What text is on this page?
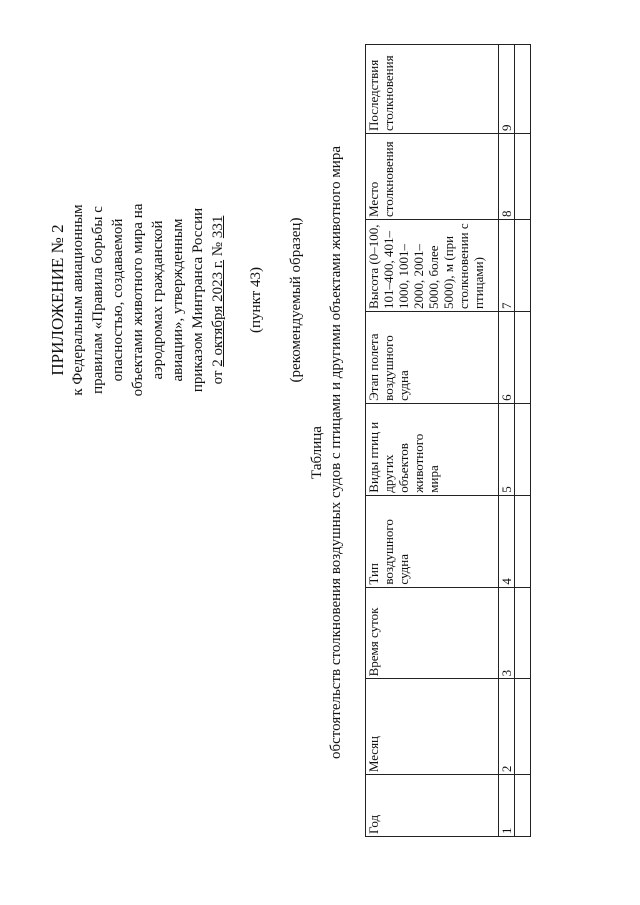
ПРИЛОЖЕНИЕ № 2 к Федеральным авиационным правилам «Правила борьбы с опасностью, создаваемой объектами животного мира на аэродромах гражданской авиации», утвержденным приказом Минтранса России от 2 октября 2023 г. № 331
(пункт 43) (рекомендуемый образец)
Таблица обстоятельств столкновения воздушных судов с птицами и другими объектами животного мира
Год	Месяц	Время суток	Тип воздушного судна	Виды птиц и других объектов животного мира	Этап полета воздушного судна	Высота (0–100, 101–400, 401–1000, 1001–2000, 2001–5000, более 5000), м (при столкновении с птицами)	Место столкновения	Последствия столкновения
1	2	3	4	5	6	7	8	9
